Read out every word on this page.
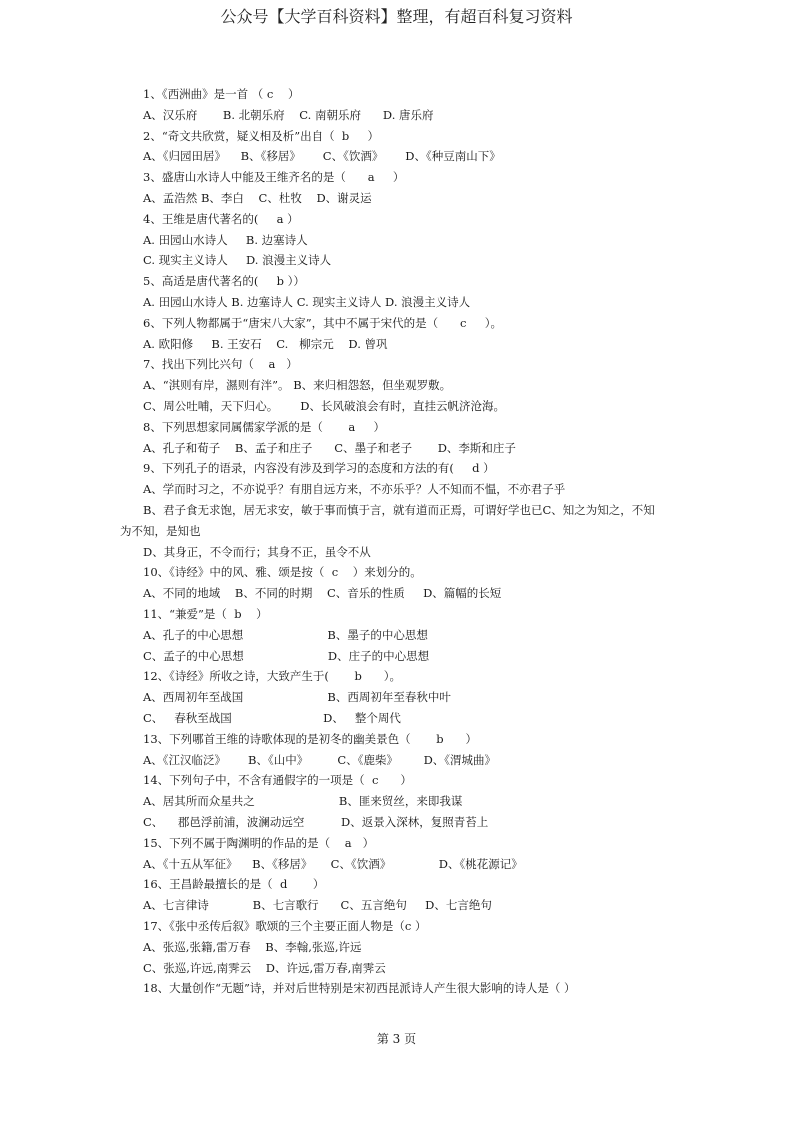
公众号【大学百科资料】整理，有超百科复习资料
1、《西洲曲》是一首 （ c    ）
A、汉乐府       B. 北朝乐府    C. 南朝乐府      D. 唐乐府
2、“奇文共欣赏，疑义相及析”出自（  b     ）
A、《归园田居》    B、《移居》      C、《饮酒》      D、《种豆南山下》
3、盛唐山水诗人中能及王维齐名的是（      a     ）
A、孟浩然 B、李白    C、杜牧    D、谢灵运
4、王维是唐代著名的(     a ）
A. 田园山水诗人     B. 边塞诗人
C. 现实主义诗人     D. 浪漫主义诗人
5、高适是唐代著名的(     b ））
A. 田园山水诗人 B. 边塞诗人 C. 现实主义诗人 D. 浪漫主义诗人
6、下列人物都属于“唐宋八大家”，其中不属于宋代的是（      c     ）。
A. 欧阳修     B. 王安石    C.   柳宗元    D. 曾巩
7、找出下列比兴句（    a   ）
A、“淇则有岸，濕则有泮”。 B、来归相怨怒，但坐观罗敷。
C、周公吐哺，天下归心。      D、长风破浪会有时，直挂云帆济沧海。
8、下列思想家同属儒家学派的是（       a     ）
A、孔子和荀子    B、孟子和庄子      C、墨子和老子       D、李斯和庄子
9、下列孔子的语录，内容没有涉及到学习的态度和方法的有(     d ）
A、学而时习之，不亦说乎？有朋自远方来，不亦乐乎？人不知而不愠，不亦君子乎
B、君子食无求饱，居无求安，敏于事而慎于言，就有道而正焉，可谓好学也已C、知之为知之，不知
为不知，是知也
D、其身正，不令而行；其身不正，虽令不从
10、《诗经》中的风、雅、颂是按（  c    ）来划分的。
A、不同的地域    B、不同的时期    C、音乐的性质     D、篇幅的长短
11、“兼爱”是（  b    ）
A、孔子的中心思想                       B、墨子的中心思想
C、孟子的中心思想                       D、庄子的中心思想
12、《诗经》所收之诗，大致产生于(       b      ）。
A、西周初年至战国                       B、西周初年至春秋中叶
C、   春秋至战国                         D、   整个周代
13、下列哪首王维的诗歌体现的是初冬的幽美景色（       b      ）
A、《江汉临泛》      B、《山中》        C、《鹿柴》       D、《渭城曲》
14、下列句子中，不含有通假字的一项是（  c      ）
A、居其所而众星共之                       B、匪来贸丝，来即我谋
C、    郡邑浮前浦，波澜动远空          D、返景入深林，复照青苔上
15、下列不属于陶渊明的作品的是（    a   ）
A、《十五从军征》    B、《移居》     C、《饮酒》             D、《桃花源记》
16、王昌龄最擅长的是（  d       ）
A、七言律诗            B、七言歌行      C、五言绝句     D、七言绝句
17、《张中丞传后叙》歌颂的三个主要正面人物是（c ）
A、张巡,张籍,雷万春    B、李翰,张巡,许远
C、张巡,许远,南霁云    D、许远,雷万春,南霁云
18、大量创作“无题”诗，并对后世特别是宋初西昆派诗人产生很大影响的诗人是（ ）
第 3 页
